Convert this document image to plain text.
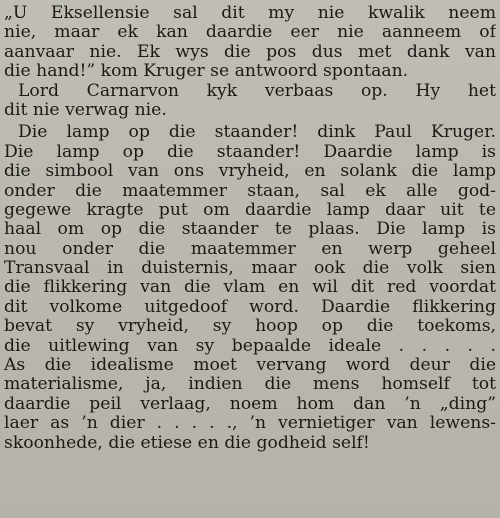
„U Eksellensie sal dit my nie kwalik neem
nie, maar ek kan daardie eer nie aanneem of
aanvaar nie. Ek wys die pos dus met dank van
die hand!” kom Kruger se antwoord spontaan.
Lord Carnarvon kyk verbaas op. Hy het
dit nie verwag nie.
Die lamp op die staander! dink Paul Kruger.
Die lamp op die staander! Daardie lamp is
die simbool van ons vryheid, en solank die lamp
onder die maatemmer staan, sal ek alle god-
gegewe kragte put om daardie lamp daar uit te
haal om op die staander te plaas. Die lamp is
nou onder die maatemmer en werp geheel
Transvaal in duisternis, maar ook die volk sien
die flikkering van die vlam en wil dit red voordat
dit volkome uitgedoof word. Daardie flikkering
bevat sy vryheid, sy hoop op die toekoms,
die uitlewing van sy bepaalde ideale . . . . .
As die idealisme moet vervang word deur die
materialisme, ja, indien die mens homself tot
daardie peil verlaag, noem hom dan ’n „ding”
laer as ’n dier . . . . ., ’n vernietiger van lewens-
skoonhede, die etiese en die godheid self!
